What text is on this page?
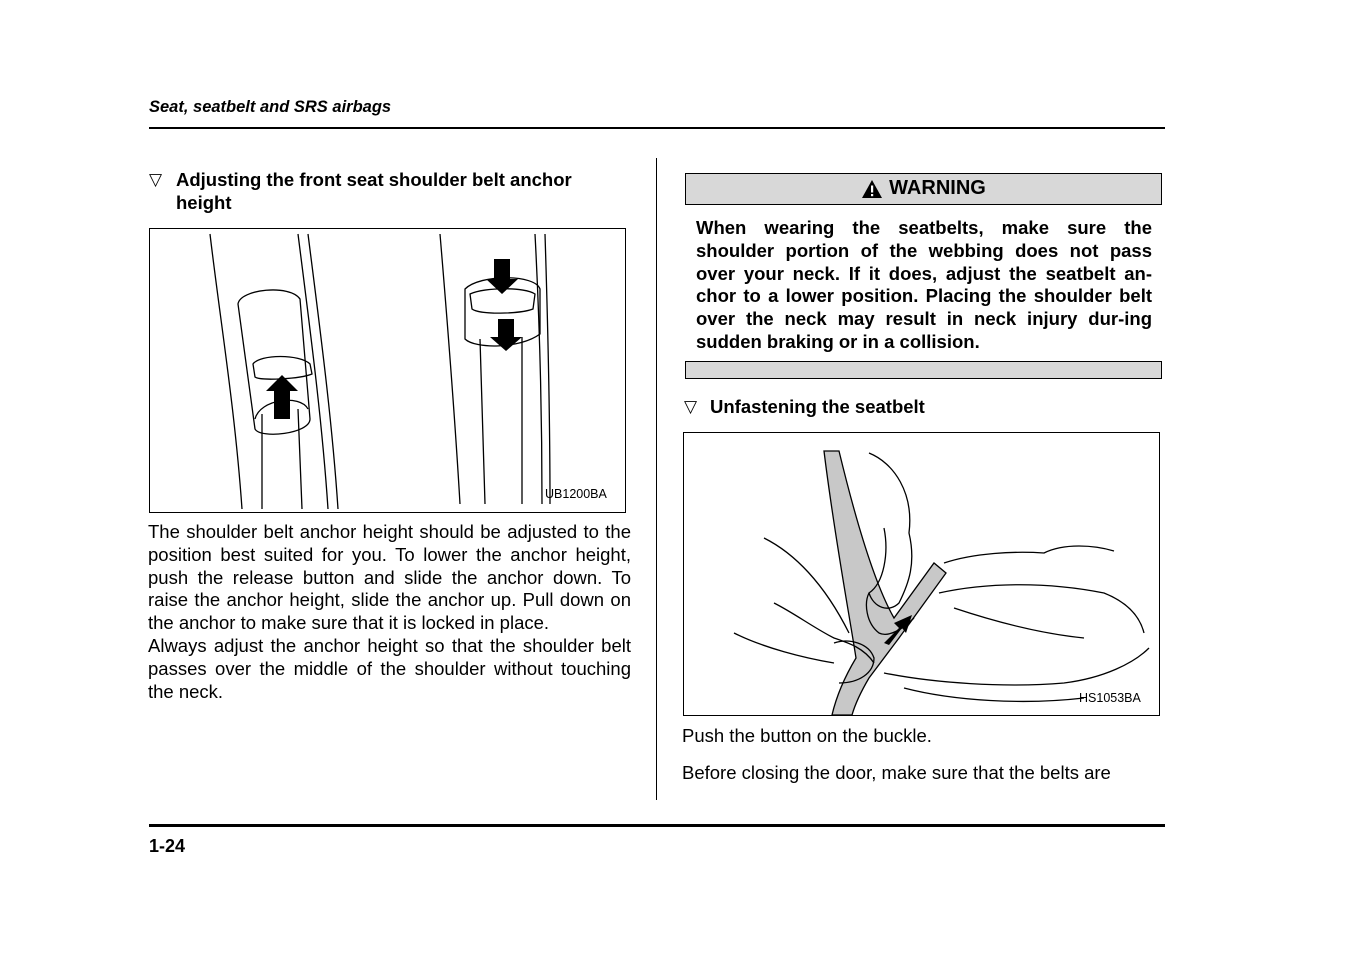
Seat, seatbelt and SRS airbags
▽ Adjusting the front seat shoulder belt anchor height
UB1200BA

The shoulder belt anchor height should be adjusted to the position best suited for you. To lower the anchor height, push the release button and slide the anchor down. To raise the anchor height, slide the anchor up. Pull down on the anchor to make sure that it is locked in place.

Always adjust the anchor height so that the shoulder belt passes over the middle of the shoulder without touching the neck.

WARNING
When wearing the seatbelts, make sure the shoulder portion of the webbing does not pass over your neck. If it does, adjust the seatbelt an-chor to a lower position. Placing the shoulder belt over the neck may result in neck injury dur-ing sudden braking or in a collision.
▽ Unfastening the seatbelt
HS1053BA

Push the button on the buckle.

Before closing the door, make sure that the belts are

1-24
